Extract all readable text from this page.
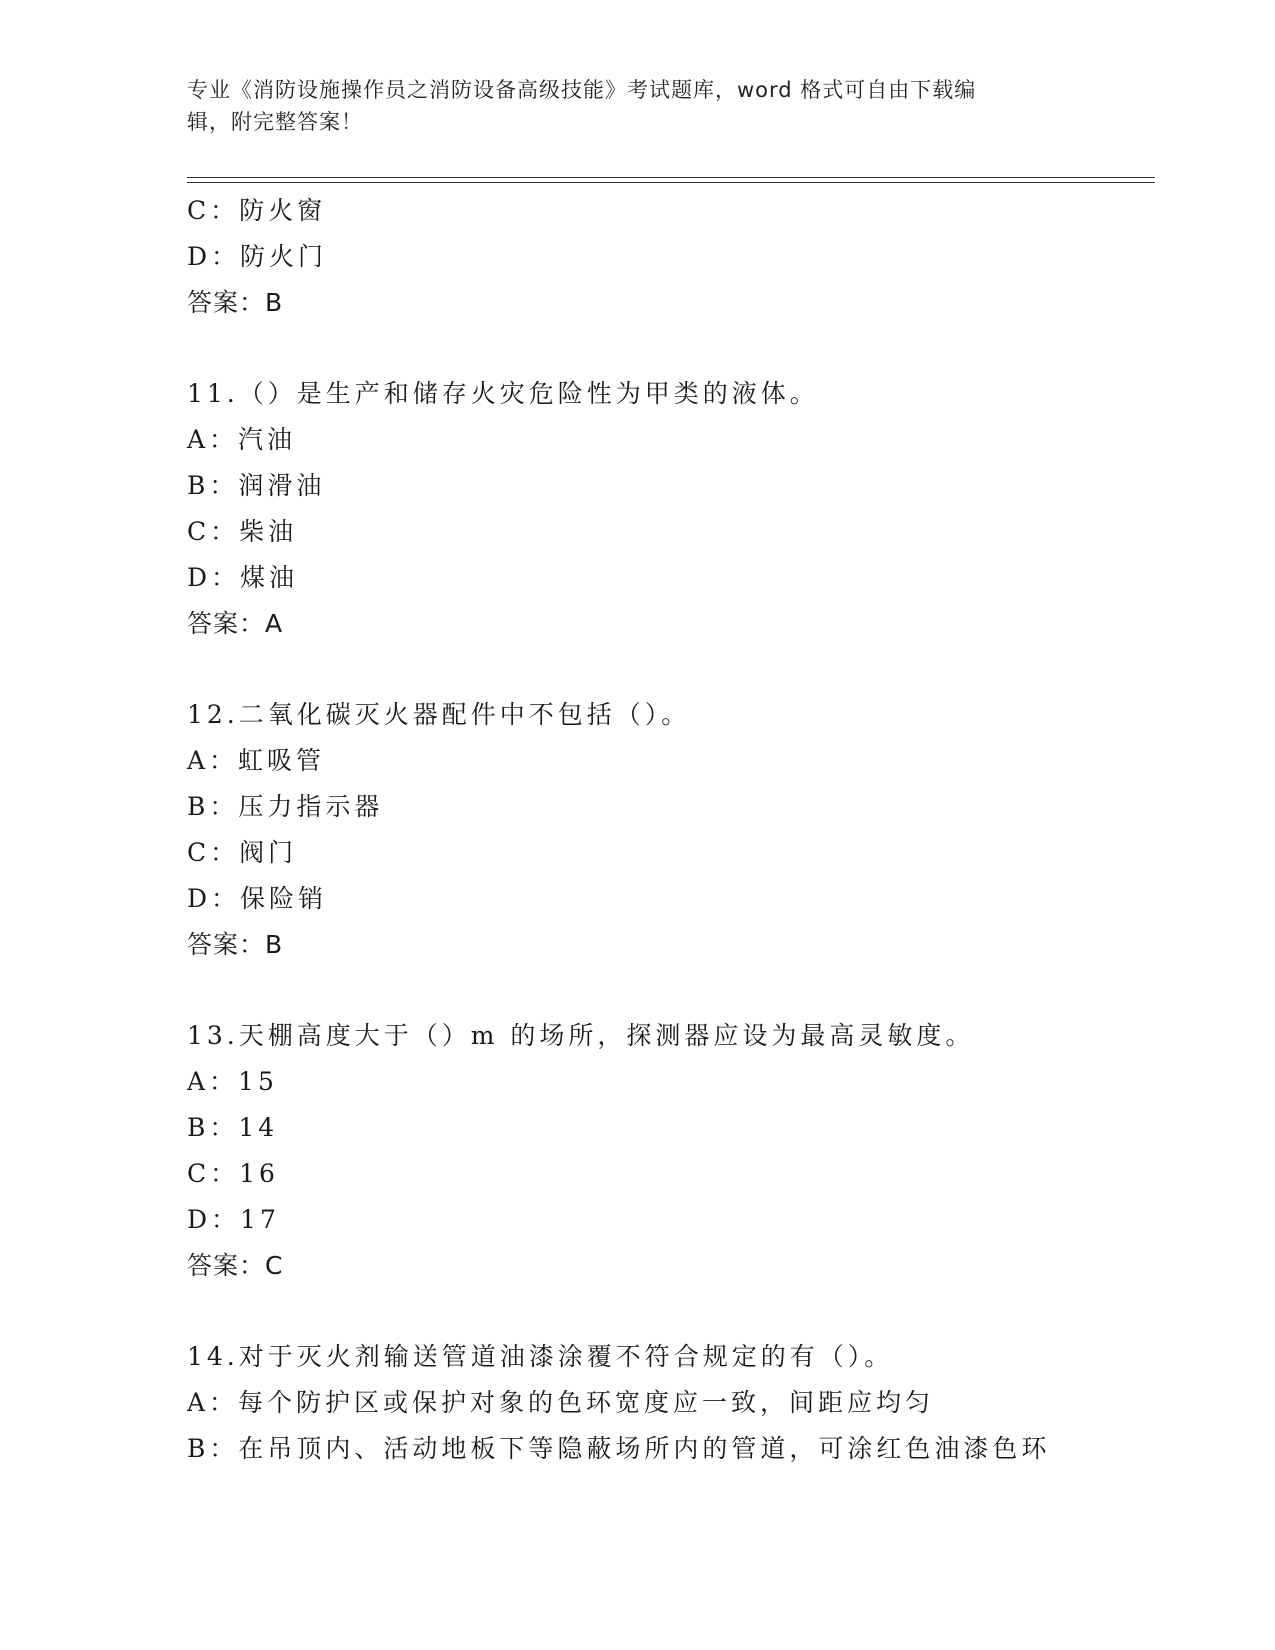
专业《消防设施操作员之消防设备高级技能》考试题库，word 格式可自由下载编
辑，附完整答案！
C：防火窗
D：防火门
答案：B
11.（）是生产和储存火灾危险性为甲类的液体。
A：汽油
B：润滑油
C：柴油
D：煤油
答案：A
12.二氧化碳灭火器配件中不包括（）。
A：虹吸管
B：压力指示器
C：阀门
D：保险销
答案：B
13.天棚高度大于（）m 的场所，探测器应设为最高灵敏度。
A：15
B：14
C：16
D：17
答案：C
14.对于灭火剂输送管道油漆涂覆不符合规定的有（）。
A：每个防护区或保护对象的色环宽度应一致，间距应均匀
B：在吊顶内、活动地板下等隐蔽场所内的管道，可涂红色油漆色环
